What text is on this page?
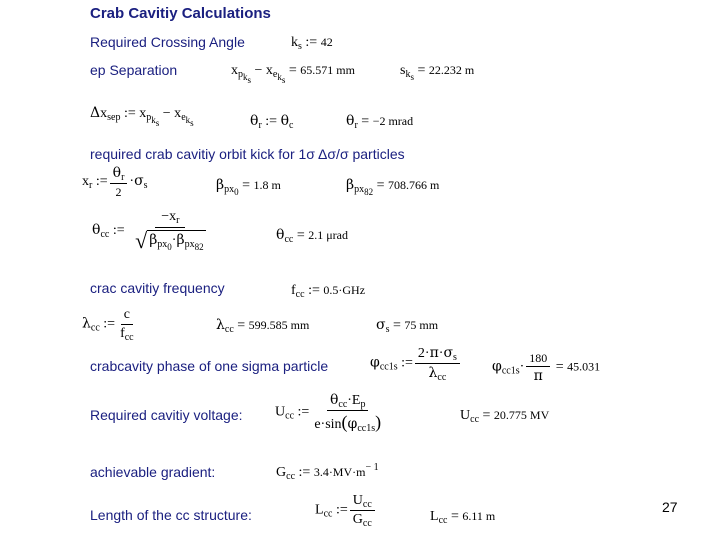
Crab Cavitiy Calculations
Required Crossing Angle	$k_s$ := 42
ep Separation	$x_{p_{k_s}} - x_{e_{k_s}} = 65.571$ mm	$s_{k_s} = 22.232$ m
$\Delta x_{sep}$ := $x_{p_{k_s}} - x_{e_{k_s}}$	$\theta_r$ := $\theta_c$	$\theta_r = -2$ mrad
required crab cavitiy orbit kick for 1σ Δσ/σ particles
$x_r$ := $\frac{\theta_r}{2} \cdot\sigma_s$	$\beta_{px_0} = 1.8$ m	$\beta_{px_{82}} = 708.766$ m
$\theta_{cc}$ := $\frac{-x_r}{√ \beta_{px_0}\cdot\beta_{px_{82}}}$	$\theta_{cc} = 2.1$ μrad
crac cavitiy frequency	$f_{cc}$ := 0.5·GHz
$\lambda_{cc}$ := $\frac{c}{f_{cc}}$	$\lambda_{cc} = 599.585$ mm	$\sigma_s = 75$ mm
crabcavity phase of one sigma particle	$\varphi_{cc1s}$ := $\frac{2\cdot\pi\cdot\sigma_s}{\lambda_{cc}} \varphi_{cc1s}\cdot \frac{180}{\pi} = 45.031$
Required cavitiy voltage: $U_{cc}$ := $\frac{\theta_{cc}\cdot E_p}{e\cdot\sin(\varphi_{cc1s})}$	$U_{cc} = 20.775$ MV
achievable gradient:	$G_{cc}$ := $3.4\cdot MV\cdot m^{- 1}$
Length of the cc structure:	$L_{cc}$ := $\frac{U_{cc}}{G_{cc}}$	$L_{cc} = 6.11$ m
27
